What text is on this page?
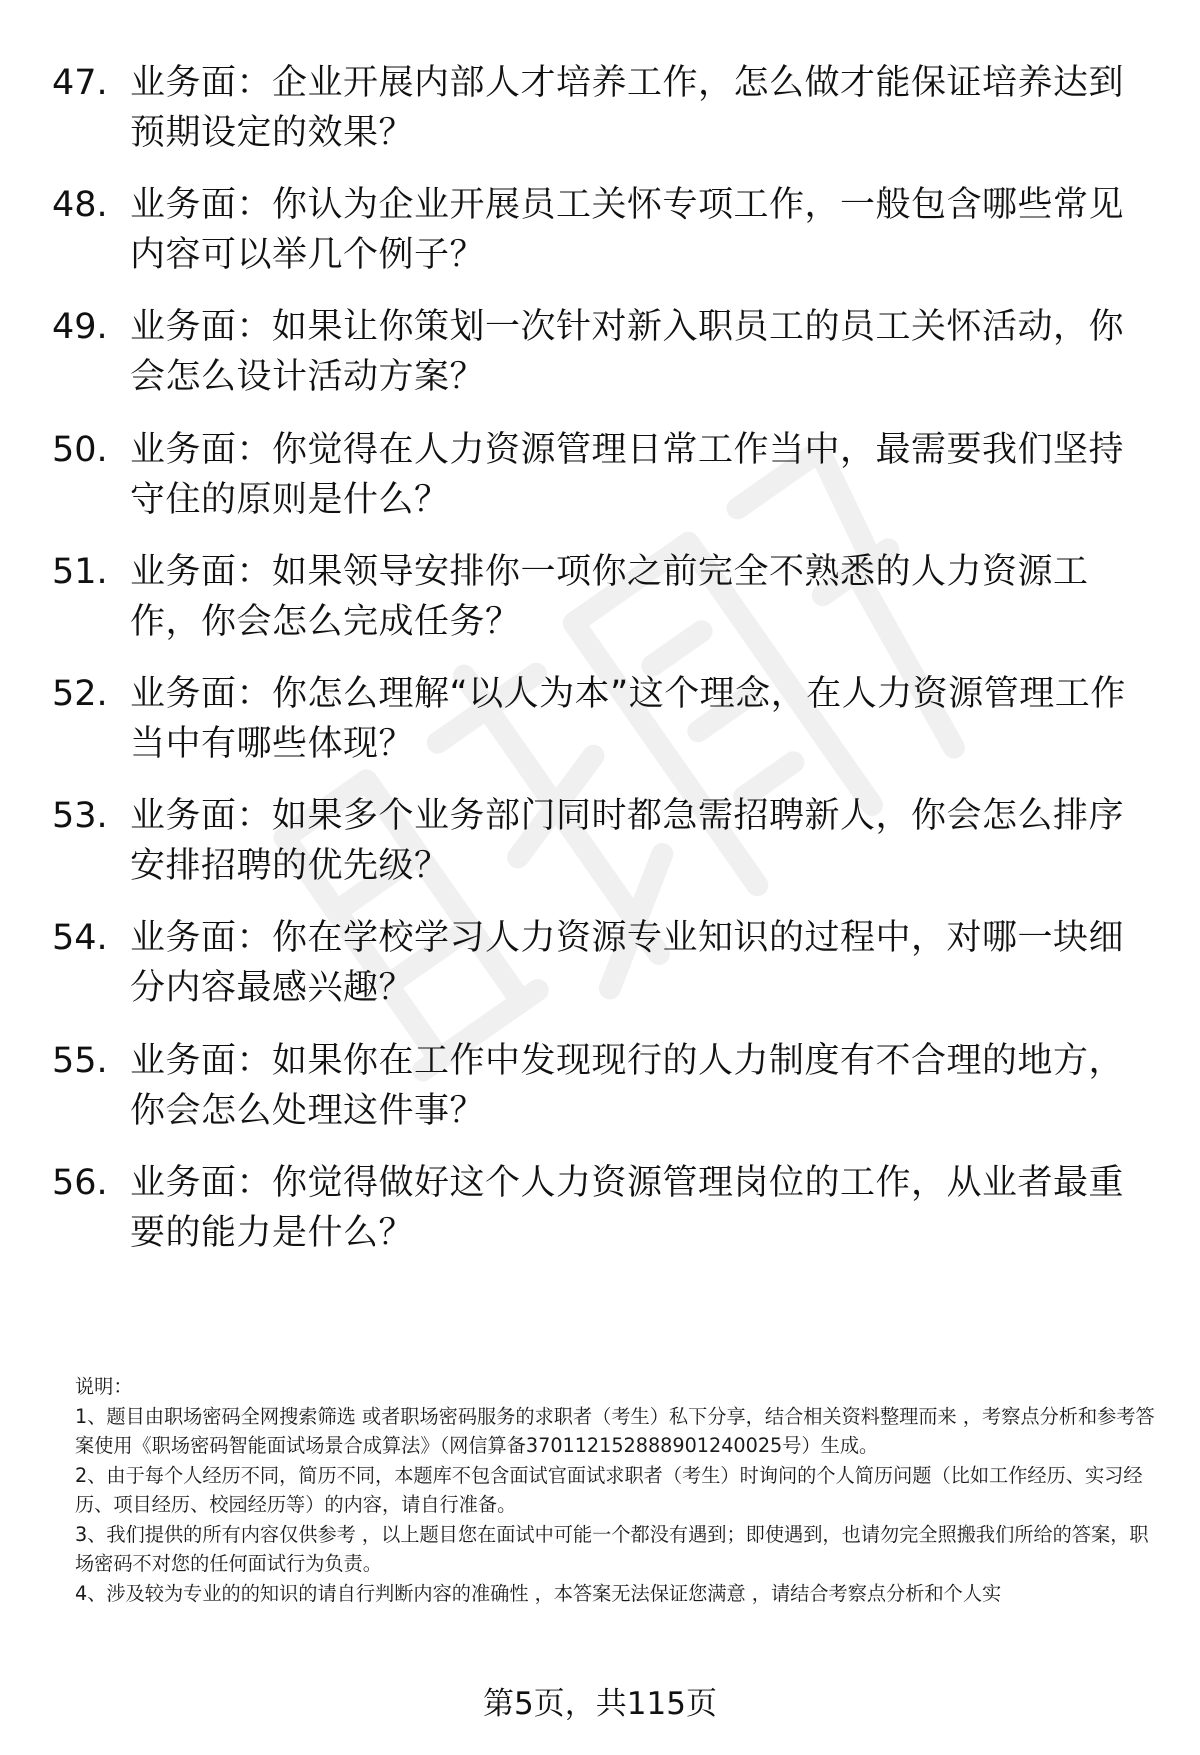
47. 业务面：企业开展内部人才培养工作，怎么做才能保证培养达到预期设定的效果？
48. 业务面：你认为企业开展员工关怀专项工作，一般包含哪些常见内容可以举几个例子？
49. 业务面：如果让你策划一次针对新入职员工的员工关怀活动，你会怎么设计活动方案？
50. 业务面：你觉得在人力资源管理日常工作当中，最需要我们坚持守住的原则是什么？
51. 业务面：如果领导安排你一项你之前完全不熟悉的人力资源工作，你会怎么完成任务？
52. 业务面：你怎么理解“以人为本”这个理念，在人力资源管理工作当中有哪些体现？
53. 业务面：如果多个业务部门同时都急需招聘新人，你会怎么排序安排招聘的优先级？
54. 业务面：你在学校学习人力资源专业知识的过程中，对哪一块细分内容最感兴趣？
55. 业务面：如果你在工作中发现现行的人力制度有不合理的地方，你会怎么处理这件事？
56. 业务面：你觉得做好这个人力资源管理岗位的工作，从业者最重要的能力是什么？

说明：

1、题目由职场密码全网搜索筛选 或者职场密码服务的求职者（考生）私下分享，结合相关资料整理而来 ，考察点分析和参考答案使用《职场密码智能面试场景合成算法》（网信算备370112152888901240025号）生成。

2、由于每个人经历不同，简历不同，本题库不包含面试官面试求职者（考生）时询问的个人简历问题（比如工作经历、实习经历、项目经历、校园经历等）的内容，请自行准备。

3、我们提供的所有内容仅供参考 ，以上题目您在面试中可能一个都没有遇到；即使遇到，也请勿完全照搬我们所给的答案，职场密码不对您的任何面试行为负责。

4、涉及较为专业的的知识的请自行判断内容的准确性 ，本答案无法保证您满意 ，请结合考察点分析和个人实

第5页，共115页
